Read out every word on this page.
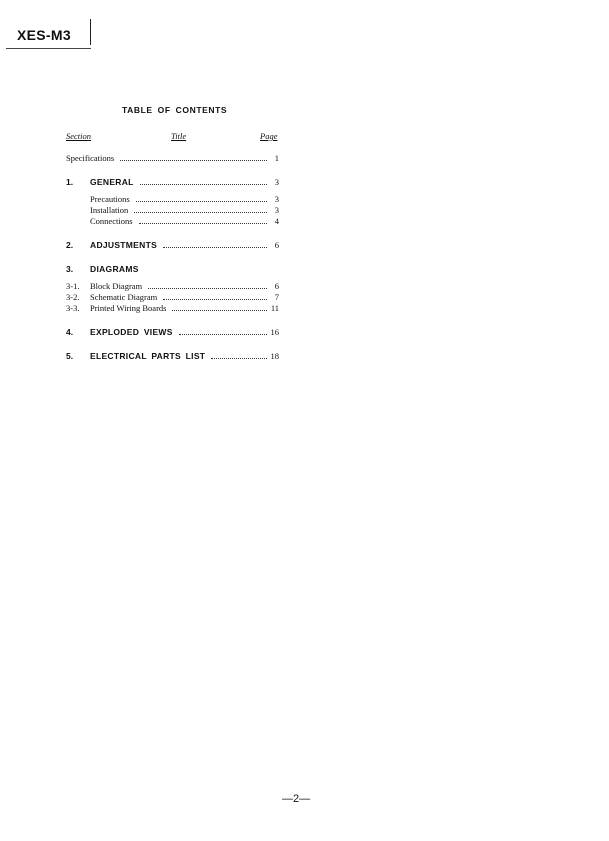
XES-M3
TABLE OF CONTENTS
Section	Title	Page
Specifications	1
1.	GENERAL	3
Precautions	3
Installation	3
Connections	4
2.	ADJUSTMENTS	6
3.	DIAGRAMS
3-1.	Block Diagram	6
3-2.	Schematic Diagram	7
3-3.	Printed Wiring Boards	11
4.	EXPLODED VIEWS	16
5.	ELECTRICAL PARTS LIST	18
—2—
